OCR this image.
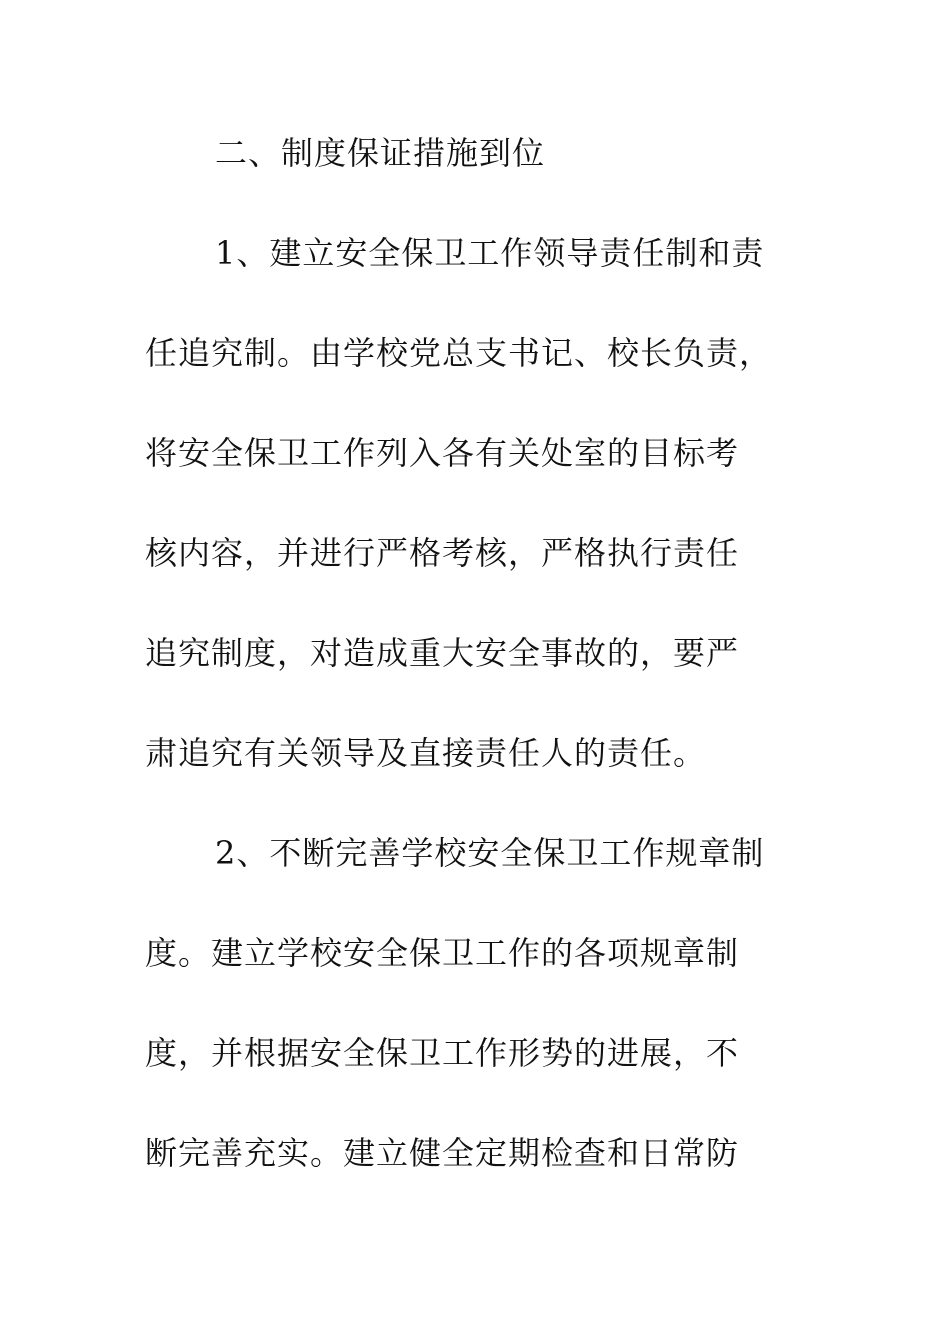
二、制度保证措施到位
1、建立安全保卫工作领导责任制和责
任追究制。由学校党总支书记、校长负责，
将安全保卫工作列入各有关处室的目标考
核内容，并进行严格考核，严格执行责任
追究制度，对造成重大安全事故的，要严
肃追究有关领导及直接责任人的责任。
2、不断完善学校安全保卫工作规章制
度。建立学校安全保卫工作的各项规章制
度，并根据安全保卫工作形势的进展，不
断完善充实。建立健全定期检查和日常防
